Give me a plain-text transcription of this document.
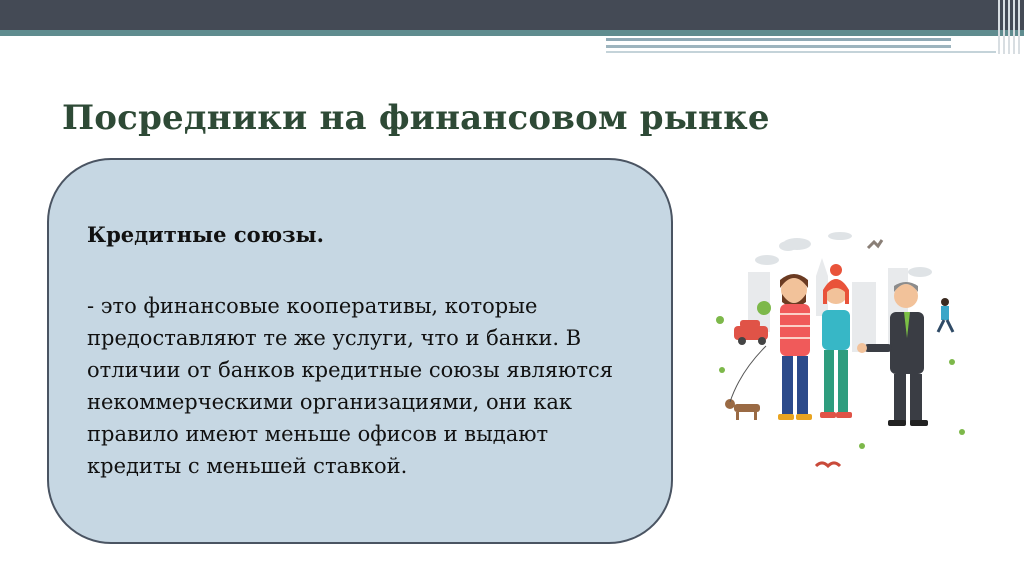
Посредники на финансовом рынке

Кредитные союзы.

- это финансовые кооперативы, которые предоставляют те же услуги, что и банки. В отличии от банков кредитные союзы являются некоммерческими организациями, они как правило имеют меньше офисов и выдают кредиты с меньшей ставкой.
